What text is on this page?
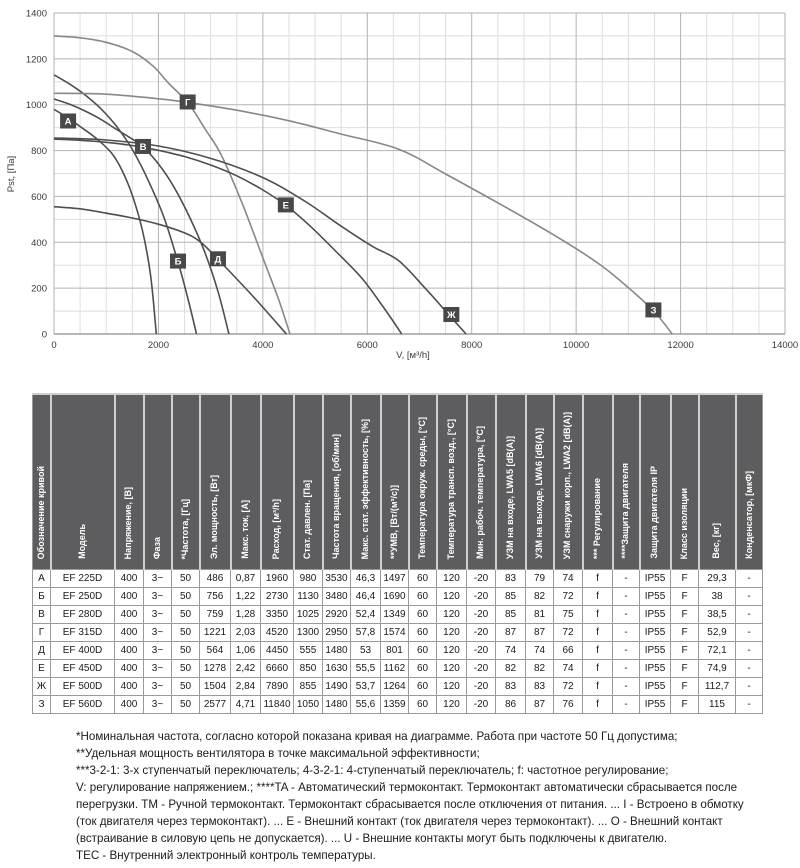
0	2000	4000	6000	8000	10000	12000	14000
0
200
400
600
800
1000
1200
1400
V, [м³/h]
Pst, [Па]
А
Б
В
Г
Д
Е
Ж	З
Обозначение кривой	Модель	Напряжение, [В]	Фаза	*Частота, [Гц]	Эл. мощность, [Вт]	Макс. ток, [А]	Расход, [м³/h]	Стат. давлен. [Па]	Частота вращения, [об/мин]	Макс. стат. эффективность, [%]	**УМВ, [Вт/(м³/с)]	Температура окруж. среды, [°C]	Температура трансп. возд., [°C]	Мин. рабоч. температура, [°C]	УЗМ на входе, LWA5 [dB(A)]	УЗМ на выходе, LWA6 [dB(A)]	УЗМ снаружи корп., LWA2 [dB(A)]	*** Регулирование	****Защита двигателя	Защита двигателя IP	Класс изоляции	Вес, [кг]	Конденсатор, [мкФ]
А	EF 225D	400	3~	50	486	0,87	1960	980	3530	46,3	1497	60	120	-20	83	79	74	f	-	IP55	F	29,3	-
Б	EF 250D	400	3~	50	756	1,22	2730	1130	3480	46,4	1690	60	120	-20	85	82	72	f	-	IP55	F	38	-
В	EF 280D	400	3~	50	759	1,28	3350	1025	2920	52,4	1349	60	120	-20	85	81	75	f	-	IP55	F	38,5	-
Г	EF 315D	400	3~	50	1221	2,03	4520	1300	2950	57,8	1574	60	120	-20	87	87	72	f	-	IP55	F	52,9	-
Д	EF 400D	400	3~	50	564	1,06	4450	555	1480	53	801	60	120	-20	74	74	66	f	-	IP55	F	72,1	-
Е	EF 450D	400	3~	50	1278	2,42	6660	850	1630	55,5	1162	60	120	-20	82	82	74	f	-	IP55	F	74,9	-
Ж	EF 500D	400	3~	50	1504	2,84	7890	855	1490	53,7	1264	60	120	-20	83	83	72	f	-	IP55	F	112,7	-
З	EF 560D	400	3~	50	2577	4,71	11840	1050	1480	55,6	1359	60	120	-20	86	87	76	f	-	IP55	F	115	-
*Номинальная частота, согласно которой показана кривая на диаграмме. Работа при частоте 50 Гц допустима;
**Удельная мощность вентилятора в точке максимальной эффективности;
***3-2-1: 3-х ступенчатый переключатель; 4-3-2-1: 4-ступенчатый переключатель; f: частотное регулирование;
V: регулирование напряжением.; ****TA - Автоматический термоконтакт. Термоконтакт автоматически сбрасывается после
перегрузки. TM - Ручной термоконтакт. Термоконтакт сбрасывается после отключения от питания. ... I - Встроено в обмотку
(ток двигателя через термоконтакт). ... E - Внешний контакт (ток двигателя через термоконтакт). ... O - Внешний контакт
(встраивание в силовую цепь не допускается). ... U - Внешние контакты могут быть подключены к двигателю.
TEC - Внутренний электронный контроль температуры.
